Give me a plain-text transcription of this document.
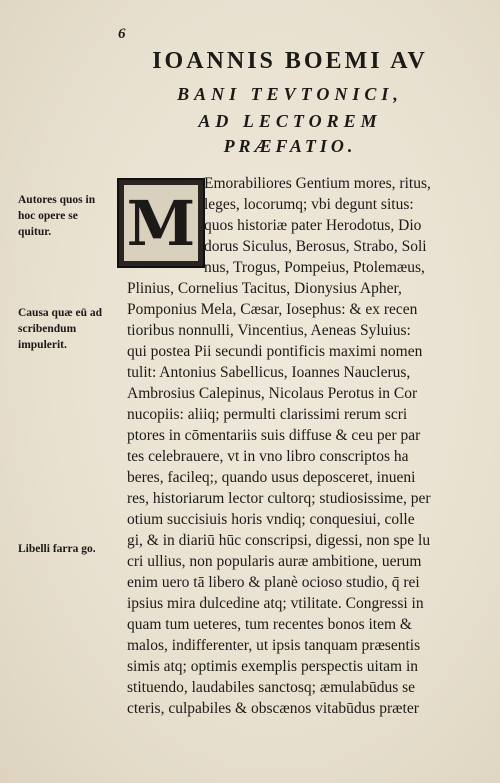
6
IOANNIS BOEMI AV
BANI TEVTONICI,
AD LECTOREM
PRÆFATIO.
Autores quos in hoc opere se quitur.
Causa quæ eū ad scribendum impulerit.
Libelli farra go.
M
Emorabiliores Gentium mores, ritus,
leges, locorumq; vbi degunt situs:
quos historiæ pater Herodotus, Dio
dorus Siculus, Berosus, Strabo, Soli
nus, Trogus, Pompeius, Ptolemæus,
Plinius, Cornelius Tacitus, Dionysius Apher,
Pomponius Mela, Cæsar, Iosephus: & ex recen
tioribus nonnulli, Vincentius, Aeneas Syluius:
qui postea Pii secundi pontificis maximi nomen
tulit: Antonius Sabellicus, Ioannes Nauclerus,
Ambrosius Calepinus, Nicolaus Perotus in Cor
nucopiis: aliiq; permulti clarissimi rerum scri
ptores in cōmentariis suis diffuse & ceu per par
tes celebrauere, vt in vno libro conscriptos ha
beres, facileq;, quando usus deposceret, inueni
res, historiarum lector cultorq; studiosissime, per
otium succisiuis horis vndiq; conquesiui, colle
gi, & in diariū hūc conscripsi, digessi, non spe lu
cri ullius, non popularis auræ ambitione, uerum
enim uero tā libero & planè ocioso studio, q̄ rei
ipsius mira dulcedine atq; vtilitate. Congressi in
quam tum ueteres, tum recentes bonos item &
malos, indifferenter, ut ipsis tanquam præsentis
simis atq; optimis exemplis perspectis uitam in
stituendo, laudabiles sanctosq; æmulabūdus se
cteris, culpabiles & obscænos vitabūdus præter
